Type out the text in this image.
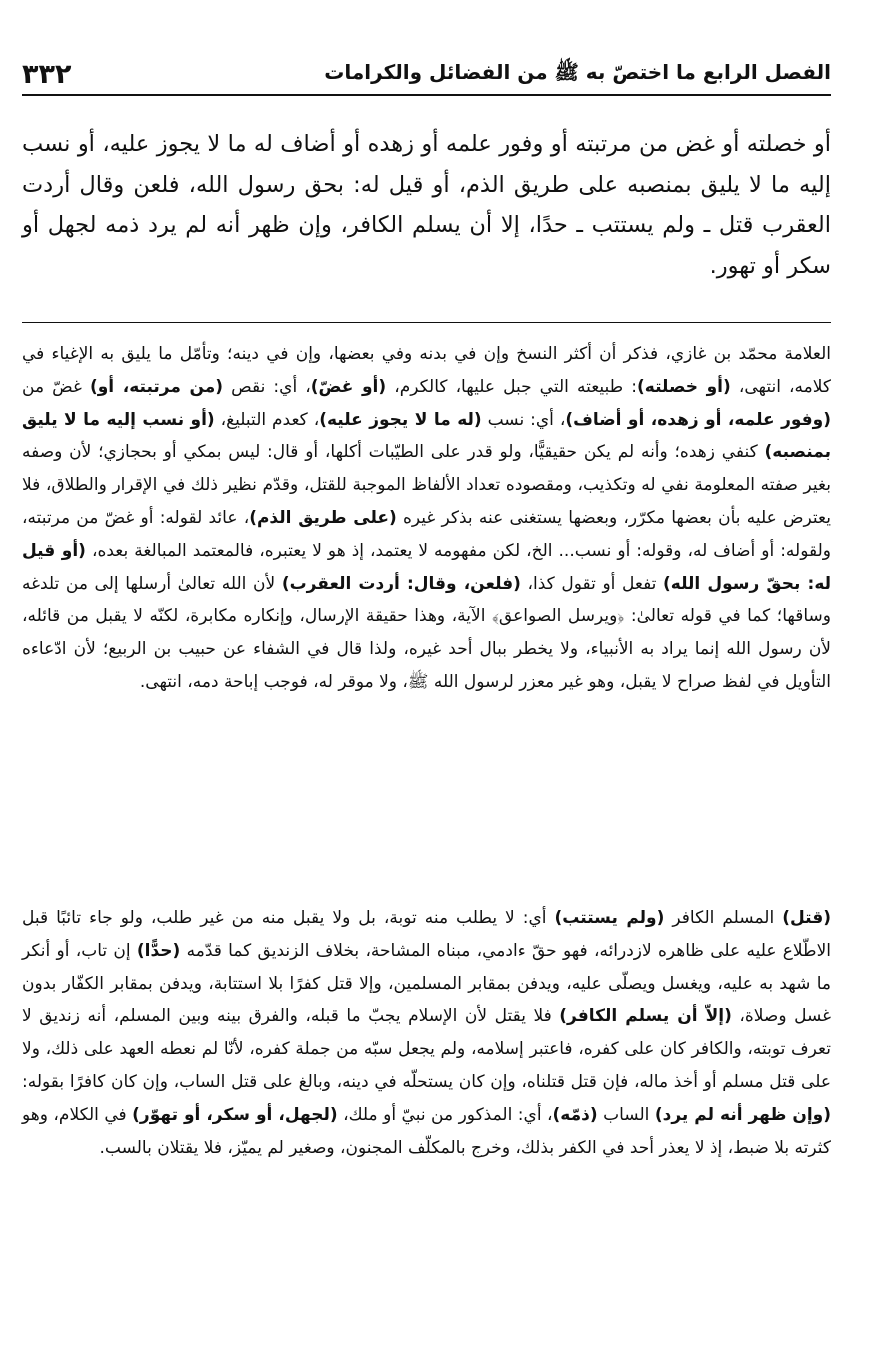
الفصل الرابع ما اختصّ به ﷺ من الفضائل والكرامات
٣٣٢

أو خصلته أو غض من مرتبته أو وفور علمه أو زهده أو أضاف له ما لا يجوز عليه، أو نسب إليه ما لا يليق بمنصبه على طريق الذم، أو قيل له: بحق رسول الله، فلعن وقال أردت العقرب قتل ـ ولم يستتب ـ حدًا، إلا أن يسلم الكافر، وإن ظهر أنه لم يرد ذمه لجهل أو سكر أو تهور.

العلامة محمّد بن غازي، فذكر أن أكثر النسخ وإن في بدنه وفي بعضها، وإن في دينه؛ وتأمّل ما يليق به الإغياء في كلامه، انتهى، (أو خصلته): طبيعته التي جبل عليها، كالكرم، (أو غضّ)، أي: نقص (من مرتبته، أو) غضّ من (وفور علمه، أو زهده، أو أضاف)، أي: نسب (له ما لا يجوز عليه)، كعدم التبليغ، (أو نسب إليه ما لا يليق بمنصبه) كنفي زهده؛ وأنه لم يكن حقيقيًّا، ولو قدر على الطيّبات أكلها، أو قال: ليس بمكي أو بحجازي؛ لأن وصفه بغير صفته المعلومة نفي له وتكذيب، ومقصوده تعداد الألفاظ الموجبة للقتل، وقدّم نظير ذلك في الإقرار والطلاق، فلا يعترض عليه بأن بعضها مكرّر، وبعضها يستغنى عنه بذكر غيره (على طريق الذم)، عائد لقوله: أو غضّ من مرتبته، ولقوله: أو أضاف له، وقوله: أو نسب... الخ، لكن مفهومه لا يعتمد، إذ هو لا يعتبره، فالمعتمد المبالغة بعده، (أو قيل له: بحقّ رسول الله) تفعل أو تقول كذا، (فلعن، وقال: أردت العقرب) لأن الله تعالىٰ أرسلها إلى من تلدغه وساقها؛ كما في قوله تعالىٰ: ﴿ويرسل الصواعق﴾ الآية، وهذا حقيقة الإرسال، وإنكاره مكابرة، لكنّه لا يقبل من قائله، لأن رسول الله إنما يراد به الأنبياء، ولا يخطر ببال أحد غيره، ولذا قال في الشفاء عن حبيب بن الربيع؛ لأن ادّعاءه التأويل في لفظ صراح لا يقبل، وهو غير معزر لرسول الله ﷺ، ولا موقر له، فوجب إباحة دمه، انتهى.

(قتل) المسلم الكافر (ولم يستتب) أي: لا يطلب منه توبة، بل ولا يقبل منه من غير طلب، ولو جاء تائبًا قبل الاطّلاع عليه على ظاهره لازدرائه، فهو حقّ ءادمي، مبناه المشاحة، بخلاف الزنديق كما قدّمه (حدًّا) إن تاب، أو أنكر ما شهد به عليه، ويغسل ويصلّى عليه، ويدفن بمقابر المسلمين، وإلا قتل كفرًا بلا استتابة، ويدفن بمقابر الكفّار بدون غسل وصلاة، (إلاّ أن يسلم الكافر) فلا يقتل لأن الإسلام يجبّ ما قبله، والفرق بينه وبين المسلم، أنه زنديق لا تعرف توبته، والكافر كان على كفره، فاعتبر إسلامه، ولم يجعل سبّه من جملة كفره، لأنّا لم نعطه العهد على ذلك، ولا على قتل مسلم أو أخذ ماله، فإن قتل قتلناه، وإن كان يستحلّه في دينه، وبالغ على قتل الساب، وإن كان كافرًا بقوله: (وإن ظهر أنه لم يرد) الساب (ذمّه)، أي: المذكور من نبيّ أو ملك، (لجهل، أو سكر، أو تهوّر) في الكلام، وهو كثرته بلا ضبط، إذ لا يعذر أحد في الكفر بذلك، وخرج بالمكلّف المجنون، وصغير لم يميّز، فلا يقتلان بالسب.
